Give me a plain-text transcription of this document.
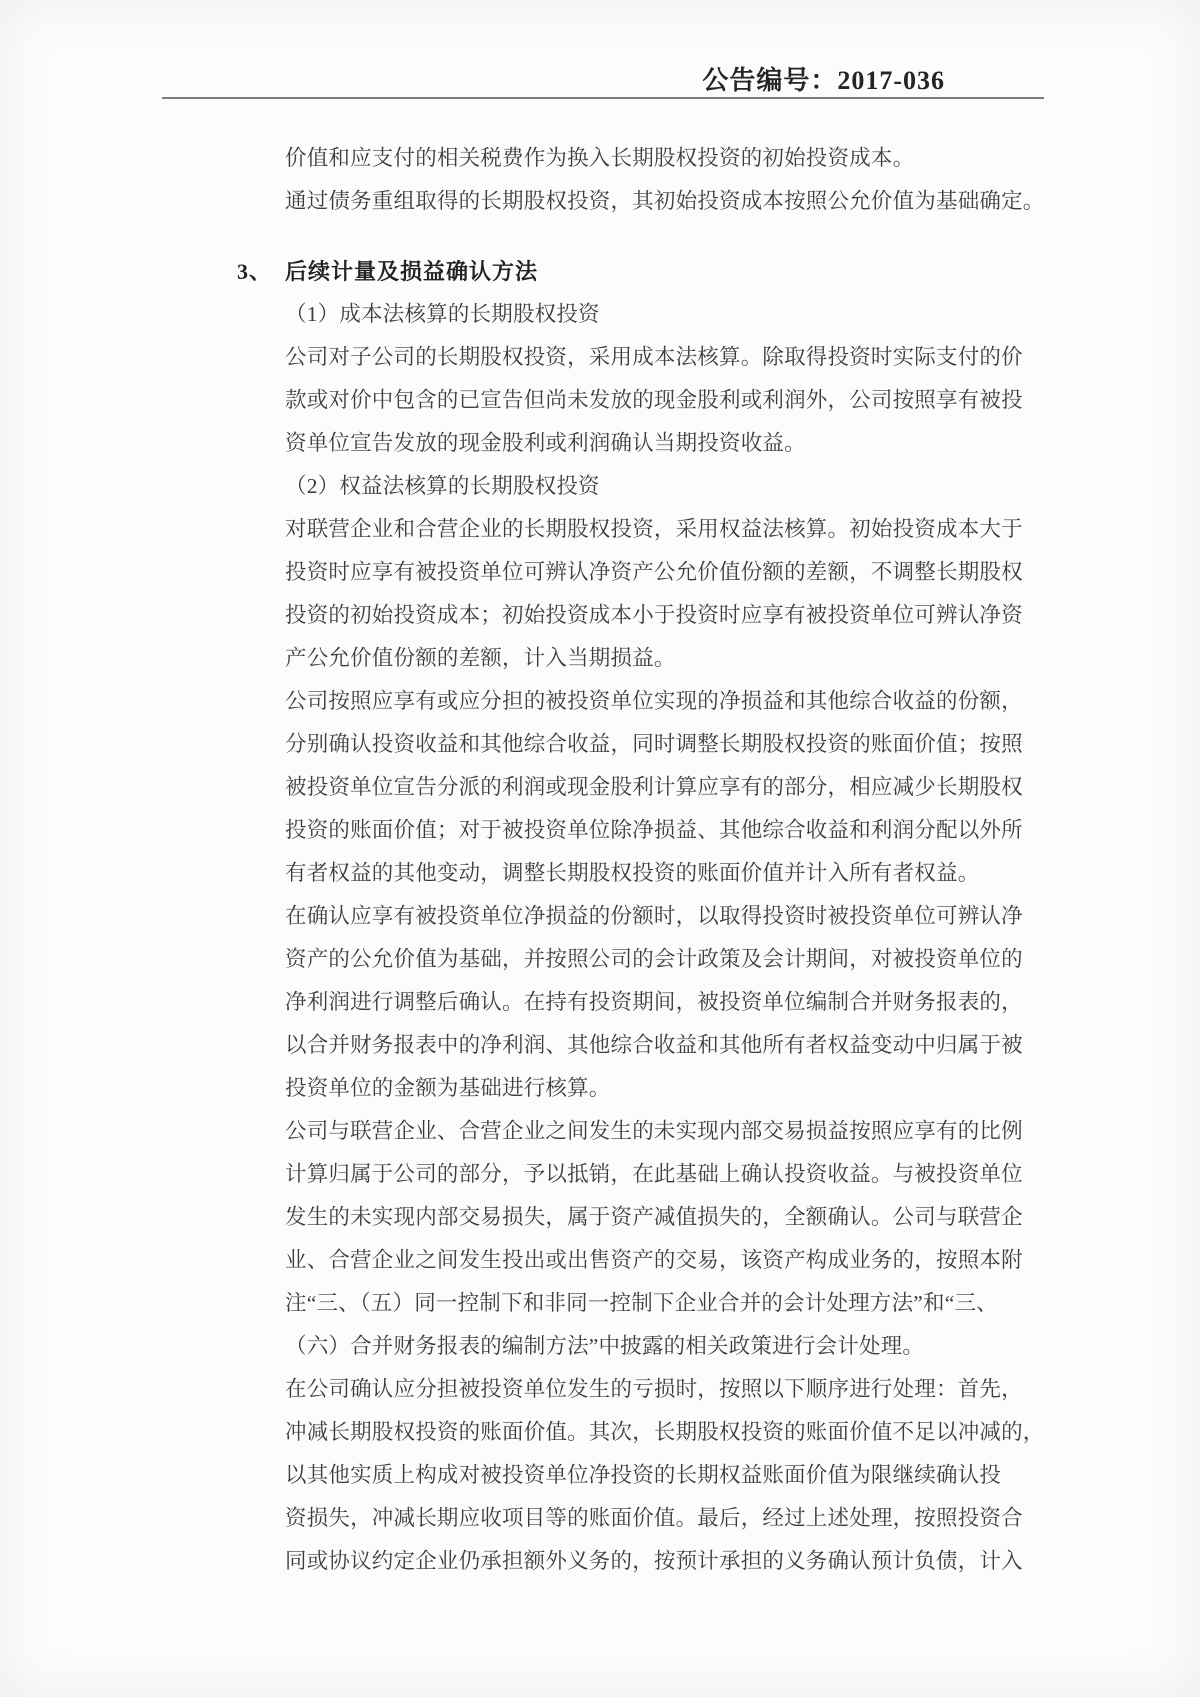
公告编号：2017-036
价值和应支付的相关税费作为换入长期股权投资的初始投资成本。
通过债务重组取得的长期股权投资，其初始投资成本按照公允价值为基础确定。
3、 后续计量及损益确认方法
（1）成本法核算的长期股权投资
公司对子公司的长期股权投资，采用成本法核算。除取得投资时实际支付的价
款或对价中包含的已宣告但尚未发放的现金股利或利润外，公司按照享有被投
资单位宣告发放的现金股利或利润确认当期投资收益。
（2）权益法核算的长期股权投资
对联营企业和合营企业的长期股权投资，采用权益法核算。初始投资成本大于
投资时应享有被投资单位可辨认净资产公允价值份额的差额，不调整长期股权
投资的初始投资成本；初始投资成本小于投资时应享有被投资单位可辨认净资
产公允价值份额的差额，计入当期损益。
公司按照应享有或应分担的被投资单位实现的净损益和其他综合收益的份额，
分别确认投资收益和其他综合收益，同时调整长期股权投资的账面价值；按照
被投资单位宣告分派的利润或现金股利计算应享有的部分，相应减少长期股权
投资的账面价值；对于被投资单位除净损益、其他综合收益和利润分配以外所
有者权益的其他变动，调整长期股权投资的账面价值并计入所有者权益。
在确认应享有被投资单位净损益的份额时，以取得投资时被投资单位可辨认净
资产的公允价值为基础，并按照公司的会计政策及会计期间，对被投资单位的
净利润进行调整后确认。在持有投资期间，被投资单位编制合并财务报表的，
以合并财务报表中的净利润、其他综合收益和其他所有者权益变动中归属于被
投资单位的金额为基础进行核算。
公司与联营企业、合营企业之间发生的未实现内部交易损益按照应享有的比例
计算归属于公司的部分，予以抵销，在此基础上确认投资收益。与被投资单位
发生的未实现内部交易损失，属于资产减值损失的，全额确认。公司与联营企
业、合营企业之间发生投出或出售资产的交易，该资产构成业务的，按照本附
注“三、（五）同一控制下和非同一控制下企业合并的会计处理方法”和“三、
（六）合并财务报表的编制方法”中披露的相关政策进行会计处理。
在公司确认应分担被投资单位发生的亏损时，按照以下顺序进行处理：首先，
冲减长期股权投资的账面价值。其次，长期股权投资的账面价值不足以冲减的，
以其他实质上构成对被投资单位净投资的长期权益账面价值为限继续确认投
资损失，冲减长期应收项目等的账面价值。最后，经过上述处理，按照投资合
同或协议约定企业仍承担额外义务的，按预计承担的义务确认预计负债，计入
